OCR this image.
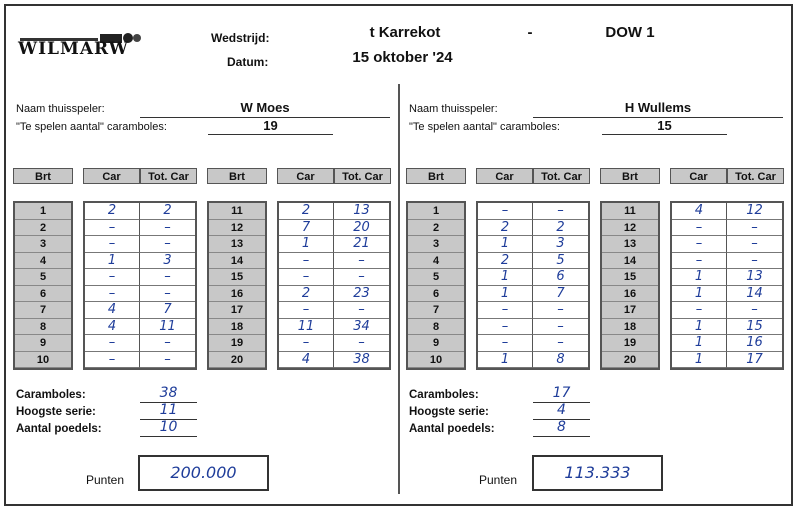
WILMARW
Wedstrijd:	t Karrekot	-	DOW 1
Datum:	15 oktober '24
Naam thuisspeler:	W Moes
"Te spelen aantal" caramboles:	19
Naam thuisspeler:	H Wullems
"Te spelen aantal" caramboles:	15
Brt	Car	Tot. Car
1	2	2
2	–	–
3	–	–
4	1	3
5	–	–
6	–	–
7	4	7
8	4	11
9	–	–
10	–	–
Brt	Car	Tot. Car
11	2	13
12	7	20
13	1	21
14	–	–
15	–	–
16	2	23
17	–	–
18	11	34
19	–	–
20	4	38
Brt	Car	Tot. Car
1	–	–
2	2	2
3	1	3
4	2	5
5	1	6
6	1	7
7	–	–
8	–	–
9	–	–
10	1	8
Brt	Car	Tot. Car
11	4	12
12	–	–
13	–	–
14	–	–
15	1	13
16	1	14
17	–	–
18	1	15
19	1	16
20	1	17
Caramboles:	38
Hoogste serie:	11
Aantal poedels:	10
Punten	200.000
Caramboles:	17
Hoogste serie:	4
Aantal poedels:	8
Punten	113.333
